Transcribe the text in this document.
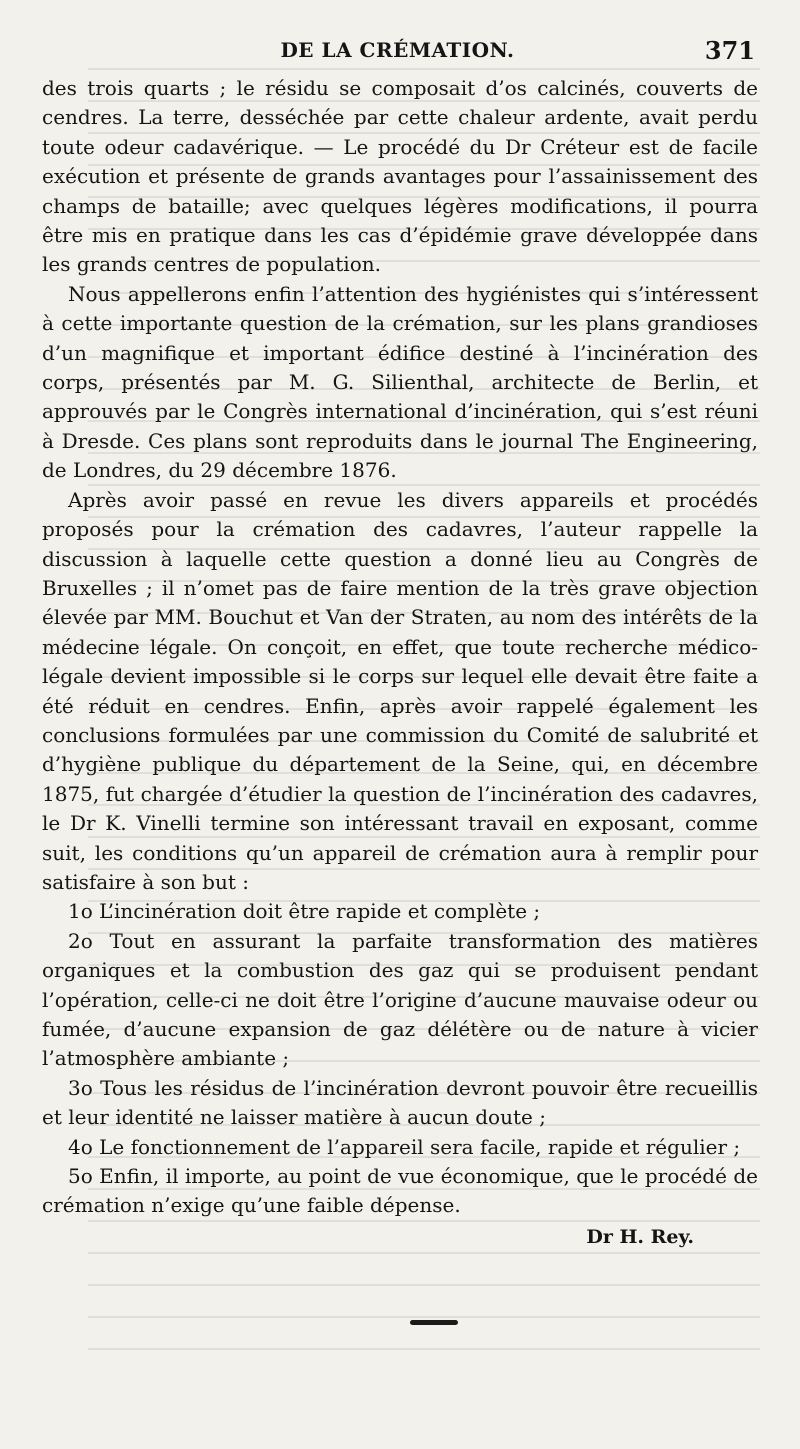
DE LA CRÉMATION.	371

des trois quarts ; le résidu se composait d’os calcinés, couverts de cendres. La terre, desséchée par cette chaleur ardente, avait perdu toute odeur cadavérique. — Le procédé du Dr Créteur est de facile exécution et présente de grands avantages pour l’assainissement des champs de bataille; avec quelques légères modifications, il pourra être mis en pratique dans les cas d’épidémie grave développée dans les grands centres de population.

Nous appellerons enfin l’attention des hygiénistes qui s’intéressent à cette importante question de la crémation, sur les plans grandioses d’un magnifique et important édifice destiné à l’incinération des corps, présentés par M. G. Silienthal, architecte de Berlin, et approuvés par le Congrès international d’incinération, qui s’est réuni à Dresde. Ces plans sont reproduits dans le journal The Engineering, de Londres, du 29 décembre 1876.

Après avoir passé en revue les divers appareils et procédés proposés pour la crémation des cadavres, l’auteur rappelle la discussion à laquelle cette question a donné lieu au Congrès de Bruxelles ; il n’omet pas de faire mention de la très grave objection élevée par MM. Bouchut et Van der Straten, au nom des intérêts de la médecine légale. On conçoit, en effet, que toute recherche médico-légale devient impossible si le corps sur lequel elle devait être faite a été réduit en cendres. Enfin, après avoir rappelé également les conclusions formulées par une commission du Comité de salubrité et d’hygiène publique du département de la Seine, qui, en décembre 1875, fut chargée d’étudier la question de l’incinération des cadavres, le Dr K. Vinelli termine son intéressant travail en exposant, comme suit, les conditions qu’un appareil de crémation aura à remplir pour satisfaire à son but :

1o L’incinération doit être rapide et complète ;

2o Tout en assurant la parfaite transformation des matières organiques et la combustion des gaz qui se produisent pendant l’opération, celle-ci ne doit être l’origine d’aucune mauvaise odeur ou fumée, d’aucune expansion de gaz délétère ou de nature à vicier l’atmosphère ambiante ;

3o Tous les résidus de l’incinération devront pouvoir être recueillis et leur identité ne laisser matière à aucun doute ;

4o Le fonctionnement de l’appareil sera facile, rapide et régulier ;

5o Enfin, il importe, au point de vue économique, que le procédé de crémation n’exige qu’une faible dépense.

Dr H. Rey.
